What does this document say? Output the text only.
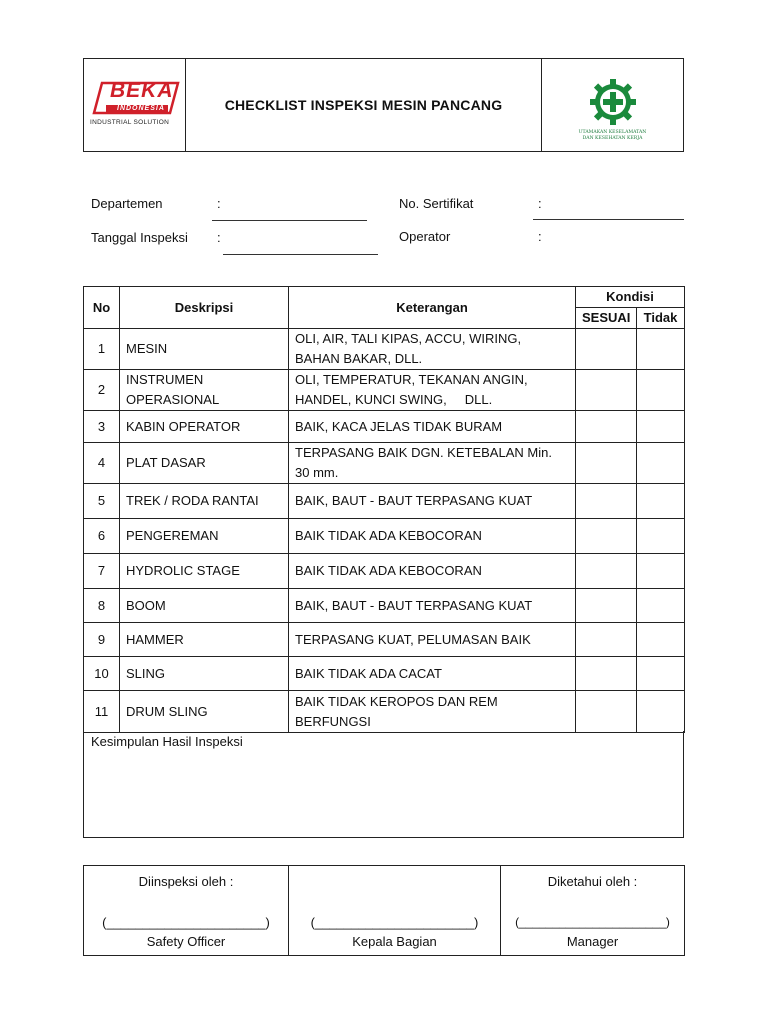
BEKA
INDONESIA
INDUSTRIAL SOLUTION
CHECKLIST INSPEKSI MESIN PANCANG
UTAMAKAN KESELAMATAN
DAN KESEHATAN KERJA
Departemen	:
Tanggal Inspeksi :
No. Sertifikat	:
Operator	:
No	Deskripsi	Keterangan	Kondisi	
			SESUAI	Tidak
1	MESIN	OLI, AIR, TALI KIPAS, ACCU, WIRING, BAHAN BAKAR, DLL.		
2	INSTRUMEN OPERASIONAL	OLI, TEMPERATUR, TEKANAN ANGIN, HANDEL, KUNCI SWING,     DLL.		
3	KABIN OPERATOR	BAIK, KACA JELAS TIDAK BURAM		
4	PLAT DASAR	TERPASANG BAIK DGN. KETEBALAN Min. 30 mm.		
5	TREK / RODA RANTAI	BAIK, BAUT - BAUT TERPASANG KUAT		
6	PENGEREMAN	BAIK TIDAK ADA KEBOCORAN		
7	HYDROLIC STAGE	BAIK TIDAK ADA KEBOCORAN		
8	BOOM	BAIK, BAUT - BAUT TERPASANG KUAT		
9	HAMMER	TERPASANG KUAT, PELUMASAN BAIK		
10	SLING	BAIK TIDAK ADA CACAT		
11	DRUM SLING	BAIK TIDAK KEROPOS DAN REM BERFUNGSI		
Kesimpulan Hasil Inspeksi
Diinspeksi oleh :
(______________________)
Safety Officer

(______________________)
Kepala Bagian

Diketahui oleh :
(______________________)
Manager
